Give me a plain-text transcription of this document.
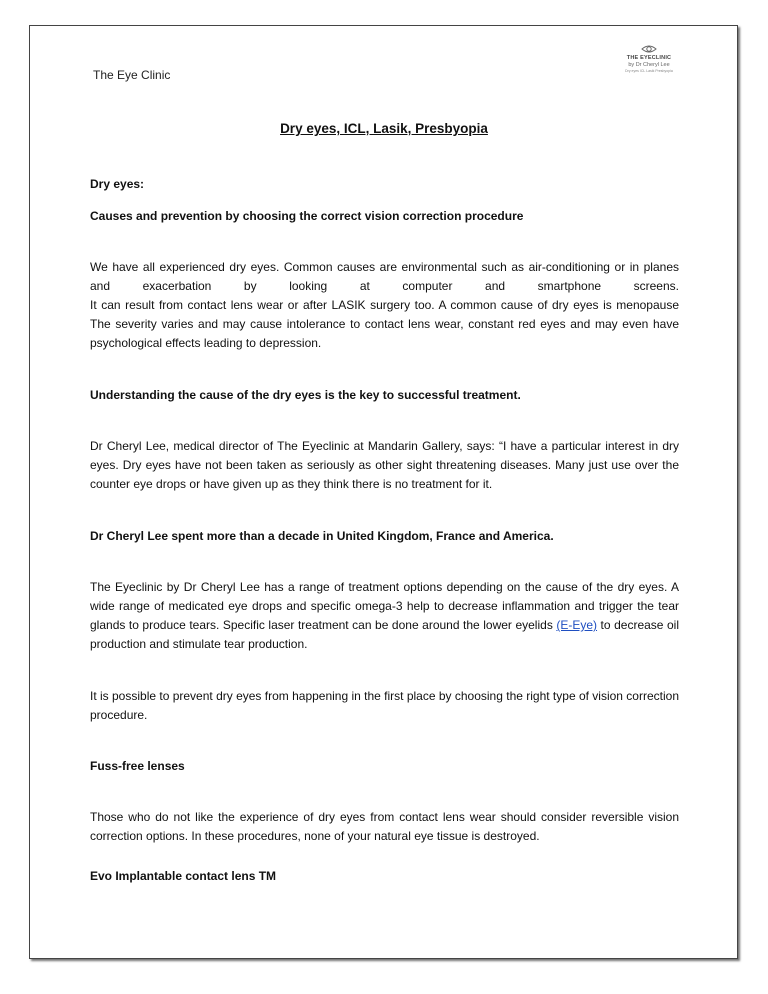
The Eye Clinic
THE EYECLINIC
by Dr Cheryl Lee
Dry eyes ICL Lasik Presbyopia
Dry eyes, ICL, Lasik, Presbyopia
Dry eyes:
Causes and prevention by choosing the correct vision correction procedure
We have all experienced dry eyes. Common causes are environmental such as air-conditioning or in planes and exacerbation by looking at computer and smartphone screens.
It can result from contact lens wear or after LASIK surgery too. A common cause of dry eyes is menopause The severity varies and may cause intolerance to contact lens wear, constant red eyes and may even have psychological effects leading to depression.
Understanding the cause of the dry eyes is the key to successful treatment.
Dr Cheryl Lee, medical director of The Eyeclinic at Mandarin Gallery, says: “I have a particular interest in dry eyes. Dry eyes have not been taken as seriously as other sight threatening diseases. Many just use over the counter eye drops or have given up as they think there is no treatment for it.
Dr Cheryl Lee spent more than a decade in United Kingdom, France and America.
The Eyeclinic by Dr Cheryl Lee has a range of treatment options depending on the cause of the dry eyes. A wide range of medicated eye drops and specific omega-3 help to decrease inflammation and trigger the tear glands to produce tears. Specific laser treatment can be done around the lower eyelids (E-Eye) to decrease oil production and stimulate tear production.
It is possible to prevent dry eyes from happening in the first place by choosing the right type of vision correction procedure.
Fuss-free lenses
Those who do not like the experience of dry eyes from contact lens wear should consider reversible vision correction options. In these procedures, none of your natural eye tissue is destroyed.
Evo Implantable contact lens TM
